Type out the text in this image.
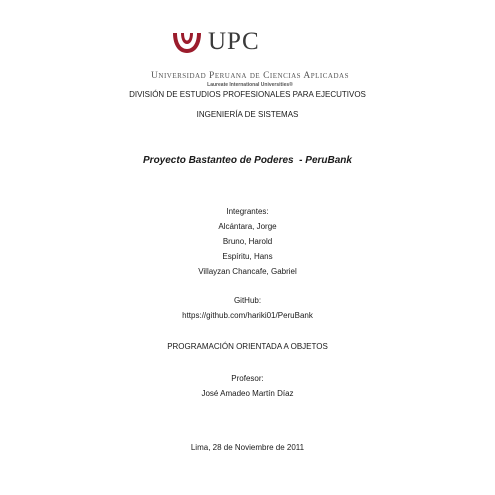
UPC
Universidad Peruana de Ciencias Aplicadas
Laureate International Universities®
DIVISIÓN DE ESTUDIOS PROFESIONALES PARA EJECUTIVOS
INGENIERÍA DE SISTEMAS
Proyecto Bastanteo de Poderes  - PeruBank
Integrantes:
Alcántara, Jorge
Bruno, Harold
Espíritu, Hans
Villayzan Chancafe, Gabriel
GitHub:
https://github.com/hariki01/PeruBank
PROGRAMACIÓN ORIENTADA A OBJETOS
Profesor:
José Amadeo Martín Díaz
Lima, 28 de Noviembre de 2011
